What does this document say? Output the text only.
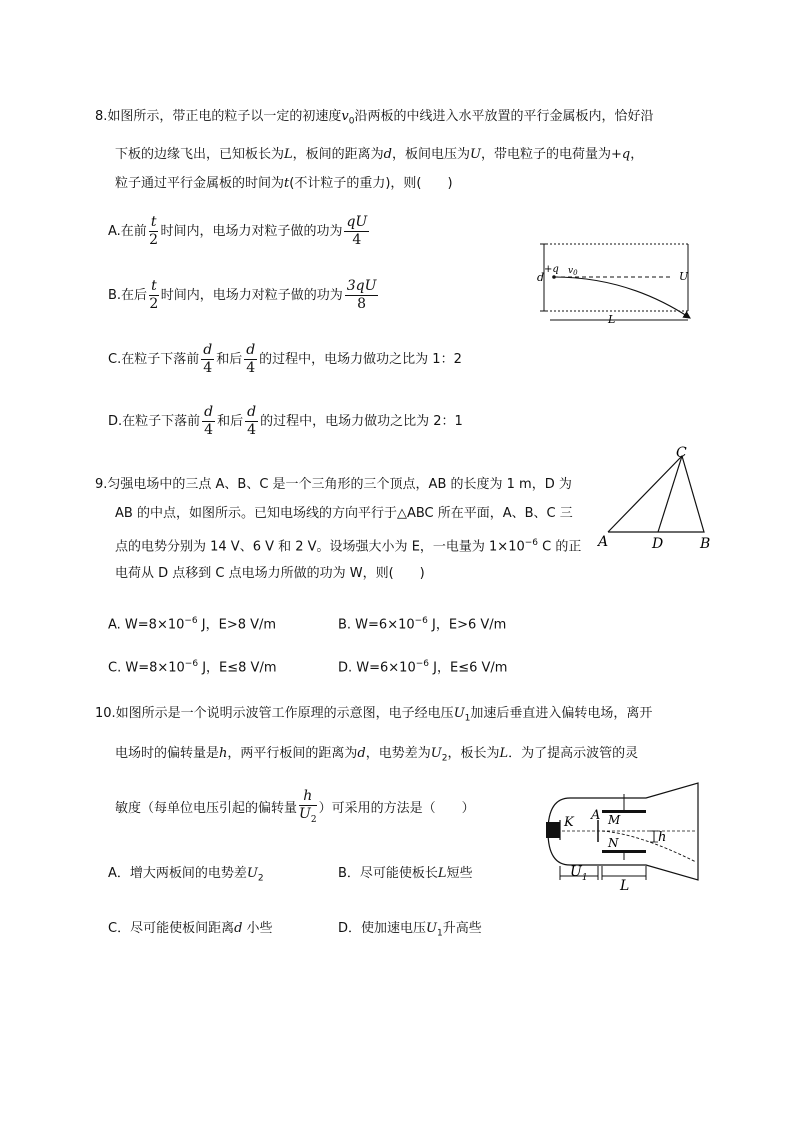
8.如图所示，带正电的粒子以一定的初速度$v_0$沿两板的中线进入水平放置的平行金属板内，恰好沿
下板的边缘飞出，已知板长为L，板间的距离为d，板间电压为U，带电粒子的电荷量为+q，
粒子通过平行金属板的时间为t(不计粒子的重力)，则(　　)
A.在前 $\frac{t}{2}$ 时间内，电场力对粒子做的功为 $\frac{qU}{4}$
B.在后 $\frac{t}{2}$ 时间内，电场力对粒子做的功为 $\frac{3qU}{8}$
C.在粒子下落前 $\frac{d}{4}$ 和后 $\frac{d}{4}$ 的过程中，电场力做功之比为 1：2
D.在粒子下落前 $\frac{d}{4}$ 和后 $\frac{d}{4}$ 的过程中，电场力做功之比为 2：1
+q $v_0$
d	U
L
9.匀强电场中的三点 A、B、C 是一个三角形的三个顶点，AB 的长度为 1 m，D 为
AB 的中点，如图所示。已知电场线的方向平行于△ABC 所在平面，A、B、C 三
点的电势分别为 14 V、6 V 和 2 V。设场强大小为 E，一电量为 $1\times 10^{-6}$ C 的正
电荷从 D 点移到 C 点电场力所做的功为 W，则(　　)
A. $W=8\times 10^{-6}$ J，E>8 V/m	B. $W=6\times 10^{-6}$ J，E>6 V/m
C. $W=8\times 10^{-6}$ J，E≤8 V/m	D. $W=6\times 10^{-6}$ J，E≤6 V/m
A	D	B
C
10.如图所示是一个说明示波管工作原理的示意图，电子经电压$U_1$加速后垂直进入偏转电场，离开
电场时的偏转量是h，两平行板间的距离为d，电势差为$U_2$，板长为L．为了提高示波管的灵
敏度（每单位电压引起的偏转量 $\frac{h}{U_2}$ ）可采用的方法是（　　）
A．增大两板间的电势差$U_2$	B．尽可能使板长L短些
C．尽可能使板间距离d 小些	D．使加速电压$U_1$升高些
K A M
N	h
$U_1$ L
